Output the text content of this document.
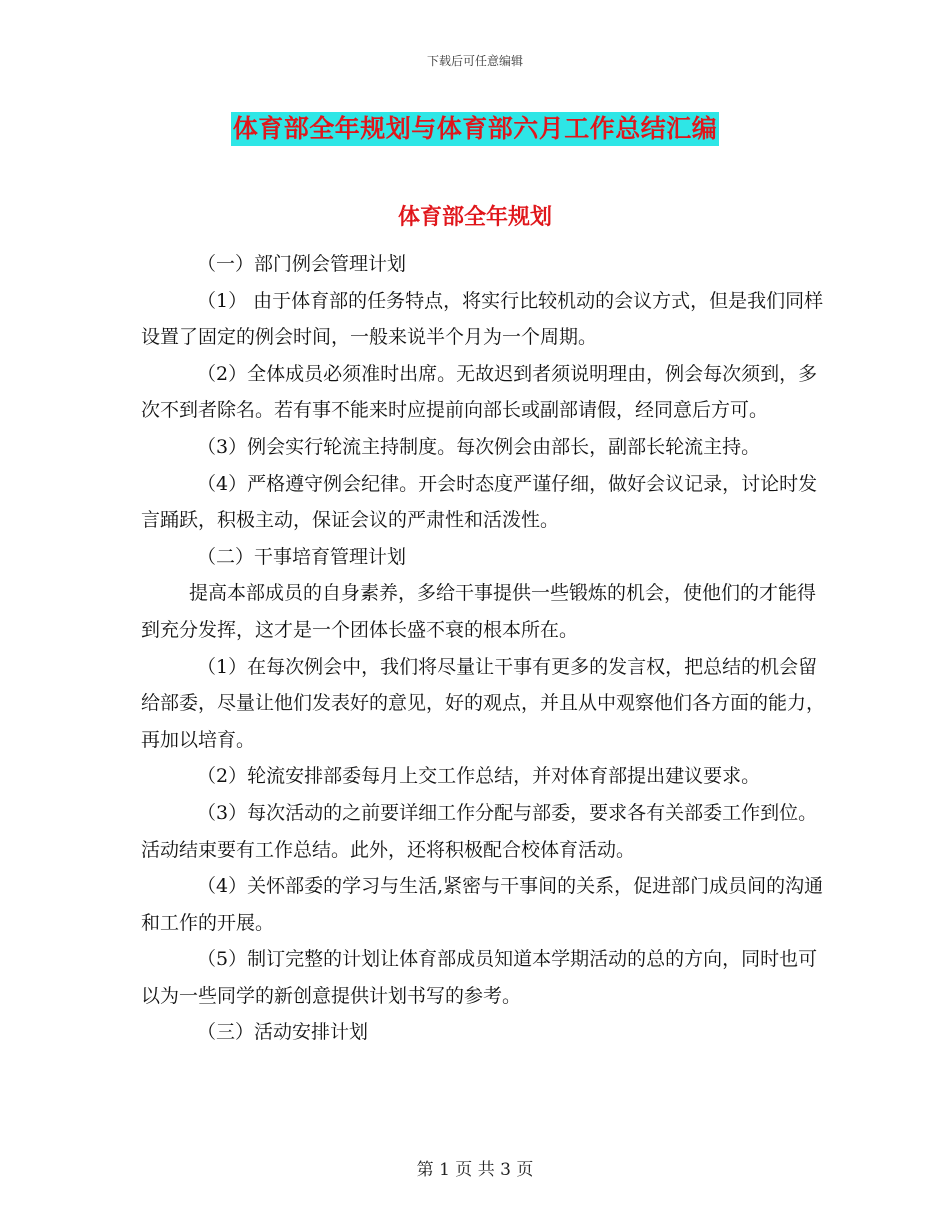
下载后可任意编辑
体育部全年规划与体育部六月工作总结汇编
体育部全年规划

（一）部门例会管理计划

（1） 由于体育部的任务特点，将实行比较机动的会议方式，但是我们同样设置了固定的例会时间，一般来说半个月为一个周期。

（2）全体成员必须准时出席。无故迟到者须说明理由，例会每次须到，多次不到者除名。若有事不能来时应提前向部长或副部请假，经同意后方可。

（3）例会实行轮流主持制度。每次例会由部长，副部长轮流主持。

（4）严格遵守例会纪律。开会时态度严谨仔细，做好会议记录，讨论时发言踊跃，积极主动，保证会议的严肃性和活泼性。

（二）干事培育管理计划

提高本部成员的自身素养，多给干事提供一些锻炼的机会，使他们的才能得到充分发挥，这才是一个团体长盛不衰的根本所在。

（1）在每次例会中，我们将尽量让干事有更多的发言权，把总结的机会留给部委，尽量让他们发表好的意见，好的观点，并且从中观察他们各方面的能力，再加以培育。

（2）轮流安排部委每月上交工作总结，并对体育部提出建议要求。

（3）每次活动的之前要详细工作分配与部委，要求各有关部委工作到位。活动结束要有工作总结。此外，还将积极配合校体育活动。

（4）关怀部委的学习与生活,紧密与干事间的关系，促进部门成员间的沟通和工作的开展。

（5）制订完整的计划让体育部成员知道本学期活动的总的方向，同时也可以为一些同学的新创意提供计划书写的参考。

（三）活动安排计划

第 1 页 共 3 页
